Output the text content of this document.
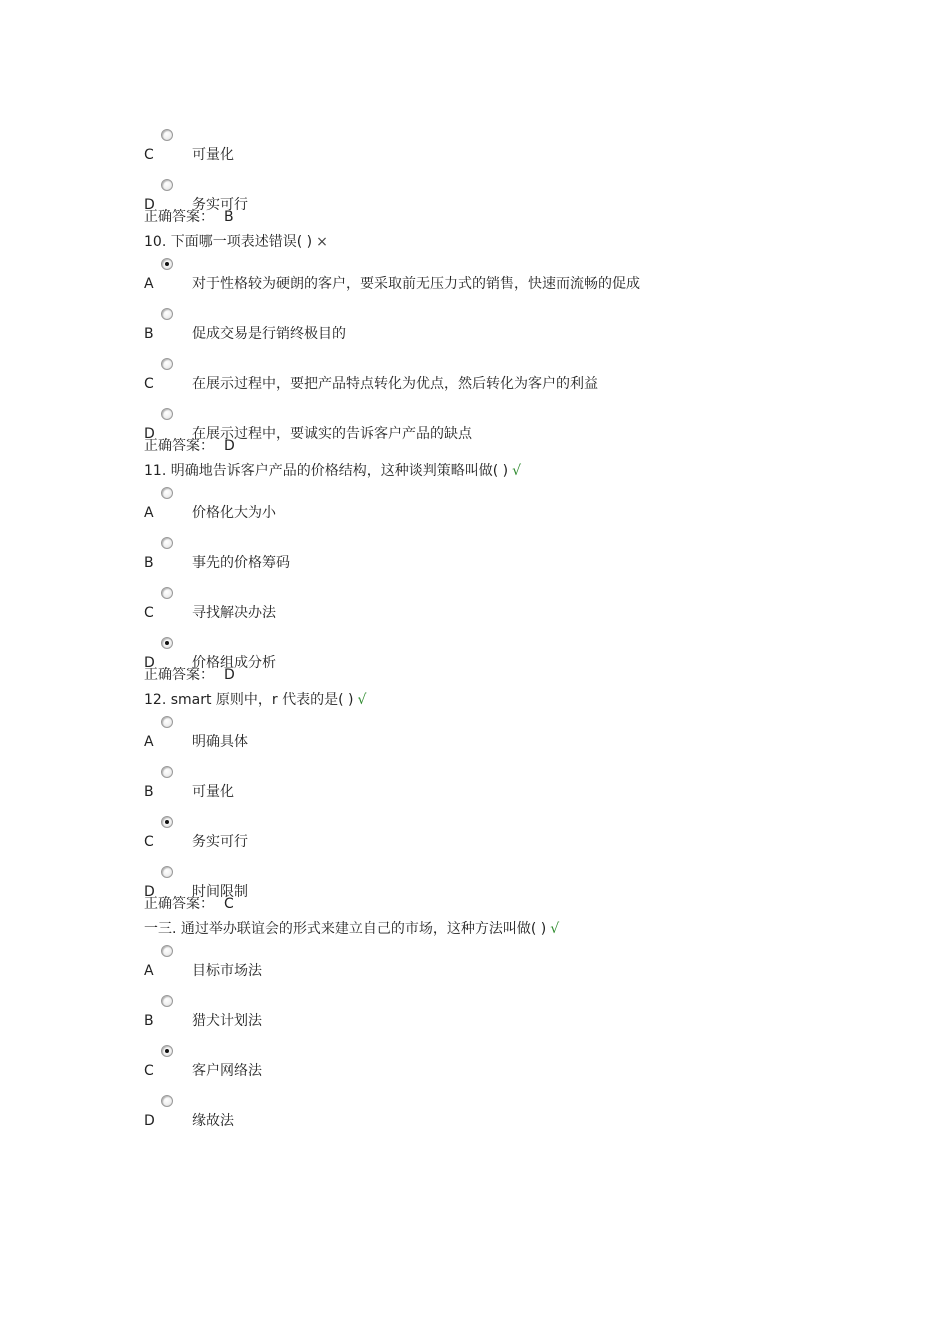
C	可量化
D	务实可行
正确答案： B
10. 下面哪一项表述错误( ) ×
A	对于性格较为硬朗的客户，要采取前无压力式的销售，快速而流畅的促成
B	促成交易是行销终极目的
C	在展示过程中，要把产品特点转化为优点，然后转化为客户的利益
D	在展示过程中，要诚实的告诉客户产品的缺点
正确答案： D
11. 明确地告诉客户产品的价格结构，这种谈判策略叫做( ) √
A	价格化大为小
B	事先的价格筹码
C	寻找解决办法
D	价格组成分析
正确答案： D
12. smart 原则中，r 代表的是( ) √
A	明确具体
B	可量化
C	务实可行
D	时间限制
正确答案： C
一三. 通过举办联谊会的形式来建立自己的市场，这种方法叫做( ) √
A	目标市场法
B	猎犬计划法
C	客户网络法
D	缘故法
